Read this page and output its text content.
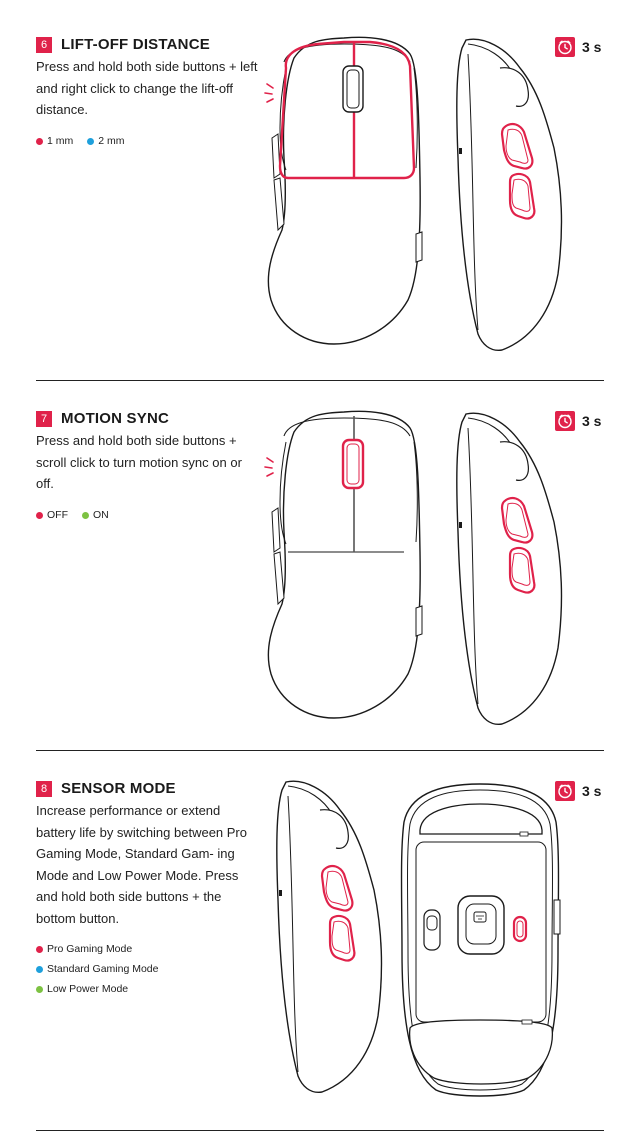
6 LIFT-OFF DISTANCE
Press and hold both side buttons + left and right click to change the lift-off distance.
1 mm 2 mm
3 s
7 MOTION SYNC
Press and hold both side buttons + scroll click to turn motion sync on or off.
OFF ON
3 s
8 SENSOR MODE
Increase performance or extend battery life by switching between Pro Gaming Mode, Standard Gam- ing Mode and Low Power Mode. Press and hold both side buttons + the bottom button.
Pro Gaming Mode
Standard Gaming Mode
Low Power Mode
3 s
